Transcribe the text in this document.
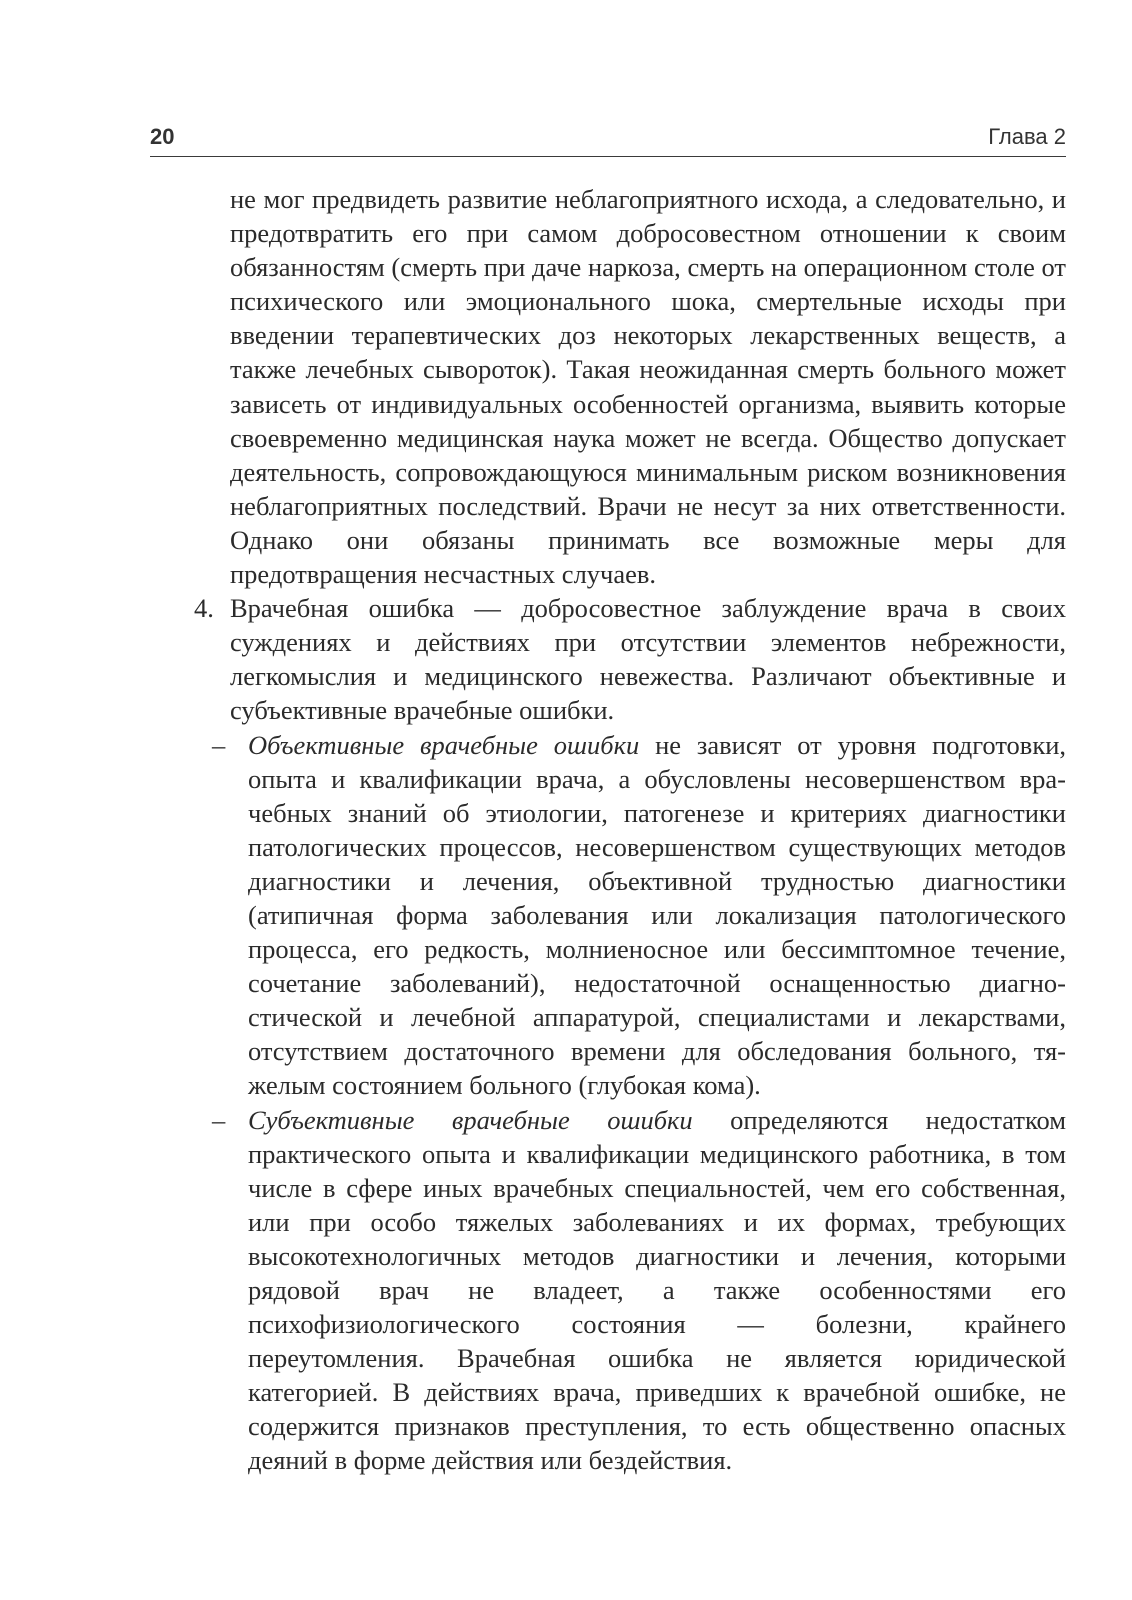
20	Глава 2

не мог предвидеть развитие неблагоприятного исхода, а следовательно, и предотвратить его при самом добросовестном отношении к своим обязанностям (смерть при даче наркоза, смерть на операционном столе от психического или эмоционального шока, смертельные исходы при введении терапевтических доз некоторых лекарственных веществ, а также лечебных сывороток). Такая неожиданная смерть больного может зависеть от индивидуальных особенностей организма, выявить которые своевременно медицинская наука может не всегда. Общество допускает деятельность, сопровождающуюся минимальным риском возникновения неблагоприятных последствий. Врачи не несут за них ответственности. Однако они обязаны принимать все возможные меры для предотвращения несчастных случаев.

4. Врачебная ошибка — добросовестное заблуждение врача в своих суждениях и действиях при отсутствии элементов небрежности, легкомыслия и медицинского невежества. Различают объективные и субъективные врачебные ошибки.

– Объективные врачебные ошибки не зависят от уровня подготовки, опыта и квалификации врача, а обусловлены несовершенством врачебных знаний об этиологии, патогенезе и критериях диагностики патологических процессов, несовершенством существующих методов диагностики и лечения, объективной трудностью диагностики (атипичная форма заболевания или локализация патологического процесса, его редкость, молниеносное или бессимптомное течение, сочетание заболеваний), недостаточной оснащенностью диагностической и лечебной аппаратурой, специалистами и лекарствами, отсутствием достаточного времени для обследования больного, тяжелым состоянием больного (глубокая кома).

– Субъективные врачебные ошибки определяются недостатком практического опыта и квалификации медицинского работника, в том числе в сфере иных врачебных специальностей, чем его собственная, или при особо тяжелых заболеваниях и их формах, требующих высокотехнологичных методов диагностики и лечения, которыми рядовой врач не владеет, а также особенностями его психофизиологического состояния — болезни, крайнего переутомления. Врачебная ошибка не является юридической категорией. В действиях врача, приведших к врачебной ошибке, не содержится признаков преступления, то есть общественно опасных деяний в форме действия или бездействия.
